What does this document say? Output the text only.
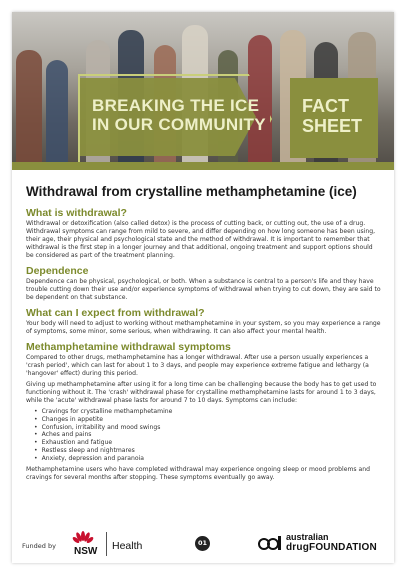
BREAKING THE ICE IN OUR COMMUNITY
FACT SHEET
Withdrawal from crystalline methamphetamine (ice)
What is withdrawal?

Withdrawal or detoxification (also called detox) is the process of cutting back, or cutting out, the use of a drug. Withdrawal symptoms can range from mild to severe, and differ depending on how long someone has been using, their age, their physical and psychological state and the method of withdrawal. It is important to remember that withdrawal is the first step in a longer journey and that additional, ongoing treatment and support options should be considered as part of the treatment planning.

Dependence

Dependence can be physical, psychological, or both. When a substance is central to a person's life and they have trouble cutting down their use and/or experience symptoms of withdrawal when trying to cut down, they are said to be dependent on that substance.

What can I expect from withdrawal?

Your body will need to adjust to working without methamphetamine in your system, so you may experience a range of symptoms, some minor, some serious, when withdrawing. It can also affect your mental health.

Methamphetamine withdrawal symptoms

Compared to other drugs, methamphetamine has a longer withdrawal. After use a person usually experiences a 'crash period', which can last for about 1 to 3 days, and people may experience extreme fatigue and lethargy (a 'hangover' effect) during this period.

Giving up methamphetamine after using it for a long time can be challenging because the body has to get used to functioning without it. The 'crash' withdrawal phase for crystalline methamphetamine lasts for around 1 to 3 days, while the 'acute' withdrawal phase lasts for around 7 to 10 days. Symptoms can include:

• Cravings for crystalline methamphetamine
• Changes in appetite
• Confusion, irritability and mood swings
• Aches and pains
• Exhaustion and fatigue
• Restless sleep and nightmares
• Anxiety, depression and paranoia

Methamphetamine users who have completed withdrawal may experience ongoing sleep or mood problems and cravings for several months after stopping. These symptoms eventually go away.

Funded by NSW Health	01
australian
drugFOUNDATION
